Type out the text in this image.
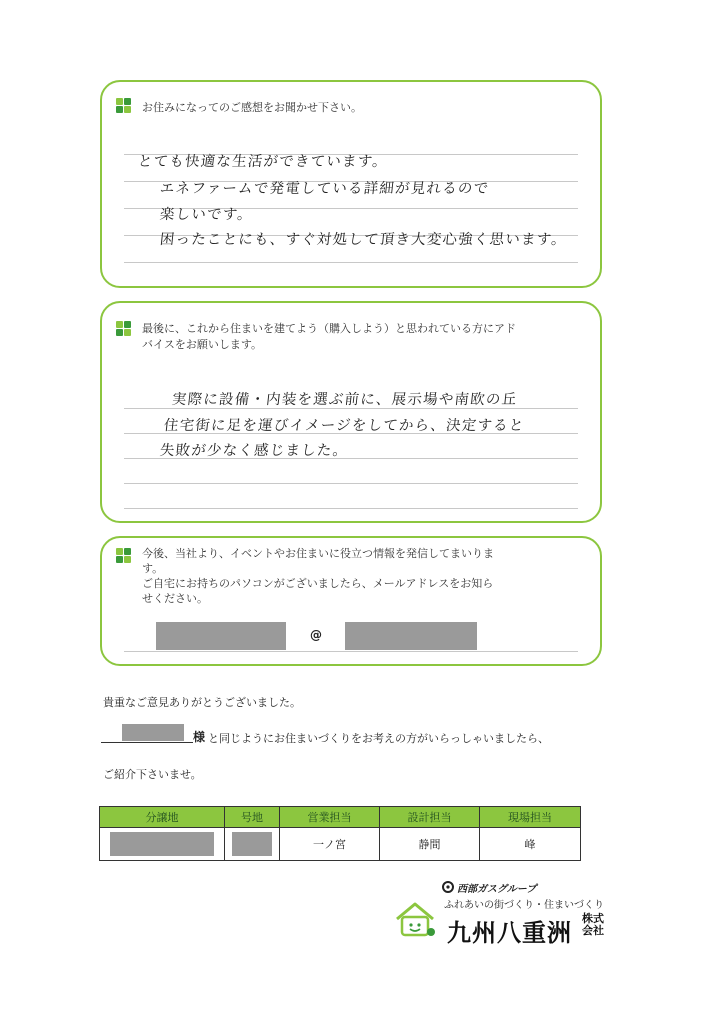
お住みになってのご感想をお聞かせ下さい。

とても快適な生活ができています。
エネファームで発電している詳細が見れるので
楽しいです。
困ったことにも、すぐ対処して頂き大変心強く思います。

最後に、これから住まいを建てよう（購入しよう）と思われている方にアド

バイスをお願いします。

実際に設備・内装を選ぶ前に、展示場や南欧の丘
住宅街に足を運びイメージをしてから、決定すると
失敗が少なく感じました。

今後、当社より、イベントやお住まいに役立つ情報を発信してまいりま

す。

ご自宅にお持ちのパソコンがございましたら、メールアドレスをお知ら

せください。

@
貴重なご意見ありがとうございました。
様 と同じようにお住まいづくりをお考えの方がいらっしゃいましたら、
ご紹介下さいませ。
分譲地	号地	営業担当	設計担当	現場担当
		一ノ宮	静間	峰
西部ガスグループ
ふれあいの街づくり・住まいづくり
九州八重洲
株式会社
